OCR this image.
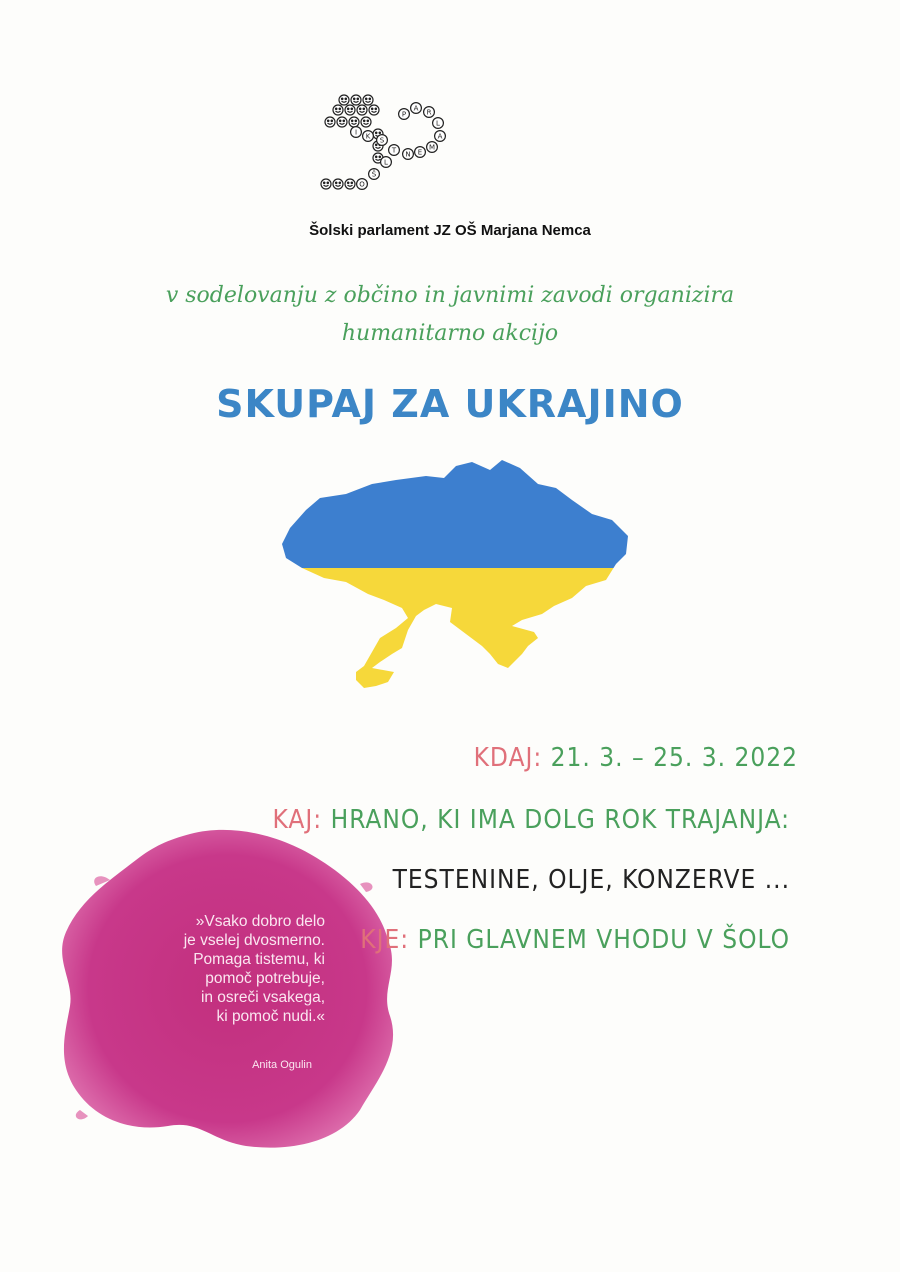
P
A R
L
A
M
E
N
T
S
K
I
L
Š
O
Šolski parlament JZ OŠ Marjana Nemca
v sodelovanju z občino in javnimi zavodi organizira
humanitarno akcijo
SKUPAJ ZA UKRAJINO
»Vsako dobro delo
je vselej dvosmerno.
Pomaga tistemu, ki
pomoč potrebuje,
in osreči vsakega,
ki pomoč nudi.«
Anita Ogulin
KDAJ: 21. 3. – 25. 3. 2022
KAJ: HRANO, KI IMA DOLG ROK TRAJANJA:
TESTENINE, OLJE, KONZERVE ...
KJE: PRI GLAVNEM VHODU V ŠOLO
